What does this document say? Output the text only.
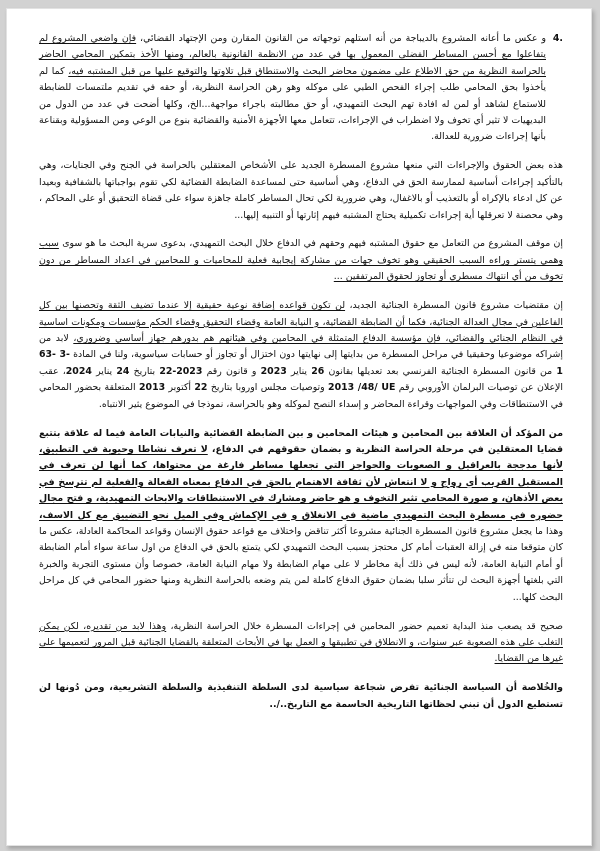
4.
و عكس ما أعانه المشروع بالديباجة من أنه استلهم توجهاته من القانون المقارن ومن الإجتهاد القضائي، فإن واضعي المشروع لم يتفاعلوا مع أحسن المساطر الفضلى المعمول بها في عدد من الانظمة القانونية بالعالم، ومنها الأخذ بتمكين المحامي الحاضر بالحراسة النظرية من حق الاطلاع على مضمون محاضر البحث والاستنطاق قبل تلاوتها والتوقيع عليها من قبل المشتبه فيه، كما لم يأخذوا بحق المحامي طلب إجراء الفحص الطبي على موكله وهو رهن الحراسة النظرية، أو حقه في تقديم ملتمسات للضابطة للاستماع لشاهد أو لمن له افادة تهم البحث التمهيدي، أو حق مطالبته باجراء مواجهة...الخ، وكلها أضحت في عدد من الدول من البديهيات لا تثير أي تخوف ولا اضطراب في الإجراءات، تتعامل معها الأجهزة الأمنية والقضائية بنوع من الوعي ومن المسؤولية وبقناعة بأنها إجراءات ضرورية للعدالة.

هذه بعض الحقوق والإجراءات التي منعها مشروع المسطرة الجديد على الأشخاص المعتقلين بالحراسة في الجنح وفي الجنايات، وهي بالتأكيد إجراءات أساسية لممارسة الحق في الدفاع، وهي أساسية حتى لمساعدة الضابطة القضائية لكي تقوم بواجباتها بالشفافية وبعيدا عن كل ادعاء بالإكراه أو بالتعذيب أو بالاغفال، وهي ضرورية لكي تحال المساطر كاملة جاهزة سواء على قضاة التحقيق أو على المحاكم ، وهي محصنة لا تعرقلها أية إجراءات تكميلية يحتاج المشتبه فيهم إثارتها أو التنبيه إليها...

إن موقف المشروع من التعامل مع حقوق المشتبه فيهم وحقهم في الدفاع خلال البحث التمهيدي، بدعوى سرية البحث ما هو سوى سبب وهمي يتستر وراءه السبب الحقيقي وهو تخوف جهات من مشاركة إيجابية فعلية للمحاميات و للمحامين في اعداد المساطر من دون تخوف من أي انتهاك مسطري أو تجاوز لحقوق المرتفقين ...

إن مقتضيات مشروع قانون المسطرة الجنائية الجديد، لن تكون قواعده إضافة نوعية حقيقية إلا عندما تضيف الثقة وتحصنها بين كل الفاعلين في مجال العدالة الجنائية، فكما أن الضابطة القضائية، و النيابة العامة وقضاء التحقيق وقضاء الحكم مؤسسات ومكونات اساسية في النظام الجنائي والقضائي، فإن مؤسسة الدفاع المتمثلة في المحامين وفي هيئاتهم هم بدورهم جهاز أساسي وضروري، لابد من إشراكه موضوعيا وحقيقيا في مراحل المسطرة من بدايتها إلى نهايتها دون اختزال أو تجاوز أو حسابات سياسوية، ولنا في المادة 63- 3- 1 من قانون المسطرة الجنائية الفرنسي بعد تعديلها بقانون 26 يناير 2023 و قانون رقم 22-2023 بتاريخ 24 يناير 2024، عقب الإعلان عن توصيات البرلمان الأوروبي رقم 2013 /48/ UE وتوصيات مجلس اوروبا بتاريخ 22 أكتوبر 2013 المتعلقة بحضور المحامي في الاستنطاقات وفي المواجهات وقراءة المحاضر و إسداء النصح لموكله وهو بالحراسة، نموذجا في الموضوع يثير الانتباه.

من المؤكد أن العلاقة بين المحامين و هيئات المحامين و بين الضابطة القضائية والنيابات العامة فيما له علاقة بتتبع قضايا المعتقلين في مرحلة الحراسة النظرية و بضمان حقوقهم في الدفاع، لا تعرف نشاطا وحيوية في التطبيق، لأنها مدججة بالعراقيل و الصعوبات والحواجز التي تجعلها مساطر فارغة من محتواها، كما أنها لن تعرف في المستقبل القريب أي رواج و لا انتعاش لأن ثقافة الاهتمام بالحق في الدفاع بمعناه الفعالة والفعلية لم تترسخ في بعض الأذهان، و صورة المحامي تثير التخوف و هو حاضر ومشارك في الاستنطاقات والابحاث التمهيدية، و فتح مجال حضوره في مسطرة البحث التمهيدي ماضية في الانغلاق و في الإكماش وفي الميل نحو التضييق مع كل الاسف، وهذا ما يجعل مشروع قانون المسطرة الجنائية مشروعا أكثر تناقض واختلاف مع قواعد حقوق الإنسان وقواعد المحاكمة العادلة، عكس ما كان متوقعا منه في إزالة العقبات أمام كل محتجز بسبب البحث التمهيدي لكي يتمتع بالحق في الدفاع من اول ساعة سواء أمام الضابطة أو أمام النيابة العامة، لأنه ليس في ذلك أية مخاطر لا على مهام الضابطة ولا مهام النيابة العامة، خصوصا وأن مستوى التجربة والخبرة التي بلغتها أجهزة البحث لن تتأثر سلبا بضمان حقوق الدفاع كاملة لمن يتم وضعه بالحراسة النظرية ومنها حضور المحامي في كل مراحل البحث كلها...

صحيح قد يصعب منذ البداية تعميم حضور المحامين في إجراءات المسطرة خلال الحراسة النظرية، وهذا لابد من تقديره، لكن يمكن التغلب على هذه الصعوبة عبر سنوات، و الانطلاق في تطبيقها و العمل بها في الأبحاث المتعلقة بالقضايا الجنائية قبل المرور لتعميمها على غيرها من القضايا.

والخُلاصة أن السياسة الجنائية تفرض شجاعة سياسية لدى السلطة التنفيذية والسلطة التشريعية، ومن دُونها لن تستطيع الدول أن تبني لحظاتها التاريخية الحاسمة مع التاريخ../..
